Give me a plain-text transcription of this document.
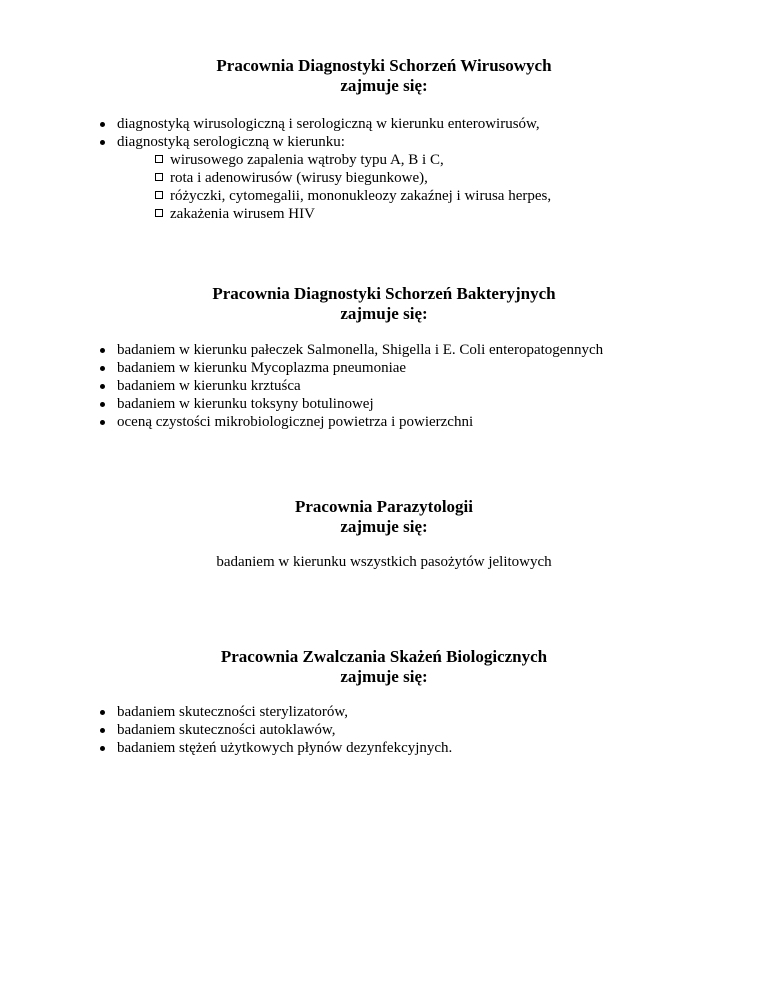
Pracownia Diagnostyki Schorzeń Wirusowych
zajmuje się:
diagnostyką wirusologiczną i serologiczną w kierunku enterowirusów,
diagnostyką serologiczną w kierunku:
wirusowego zapalenia wątroby typu A, B i C,
rota i adenowirusów (wirusy biegunkowe),
różyczki, cytomegalii, mononukleozy zakaźnej i wirusa herpes,
zakażenia wirusem HIV
Pracownia Diagnostyki Schorzeń Bakteryjnych
zajmuje się:
badaniem w kierunku pałeczek Salmonella, Shigella i E. Coli enteropatogennych
badaniem w kierunku Mycoplazma pneumoniae
badaniem w kierunku krztuśca
badaniem w kierunku toksyny botulinowej
oceną czystości mikrobiologicznej powietrza i powierzchni
Pracownia Parazytologii
zajmuje się:
badaniem w kierunku wszystkich pasożytów jelitowych
Pracownia Zwalczania Skażeń Biologicznych
zajmuje się:
badaniem skuteczności sterylizatorów,
badaniem skuteczności autoklawów,
badaniem stężeń użytkowych płynów dezynfekcyjnych.
